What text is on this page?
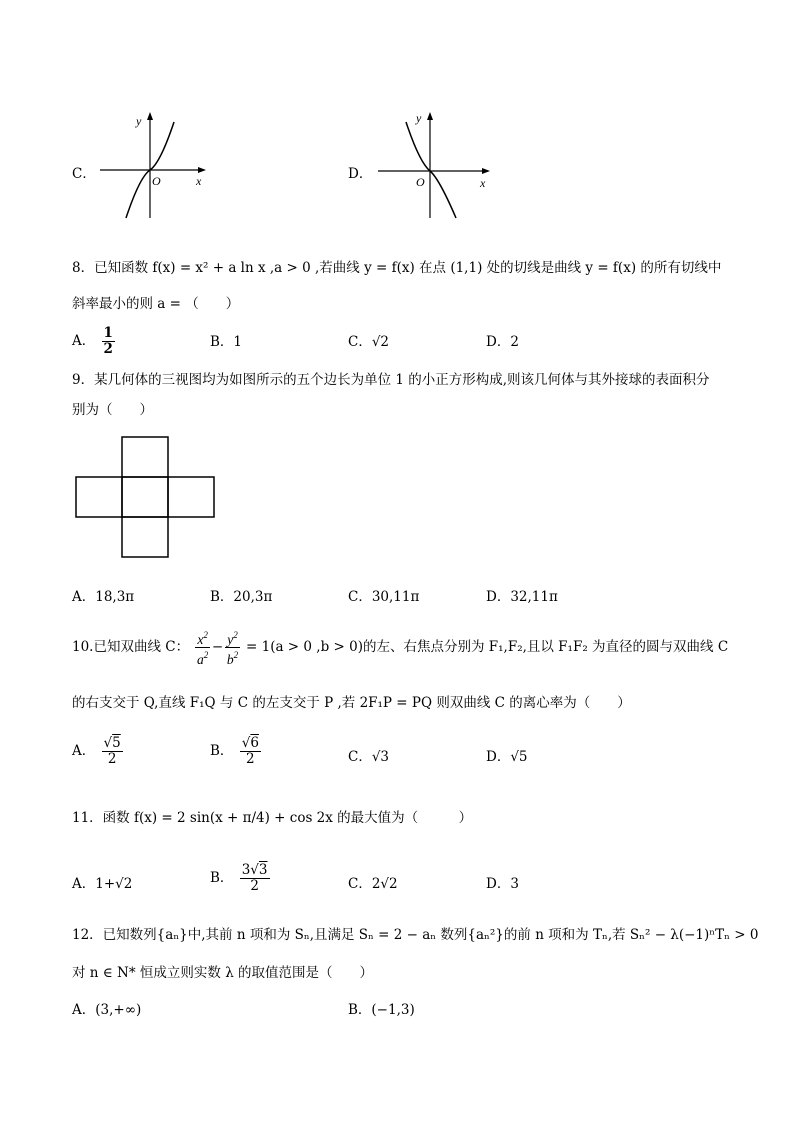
C．
y
x
O	D．
y
x
O
8．已知函数 f(x) = x² + a ln x ,a > 0 ,若曲线 y = f(x) 在点 (1,1) 处的切线是曲线 y = f(x) 的所有切线中
斜率最小的则 a = （　　）
A． $\frac{1}{2}$	B．1	C．√2	D．2
9．某几何体的三视图均为如图所示的五个边长为单位 1 的小正方形构成,则该几何体与其外接球的表面积分
别为（　　）
A．18,3π	B．20,3π	C．30,11π	D．32,11π
10.已知双曲线 C： $\frac{x^2}{a^2} - \frac{y^2}{b^2} = 1(a > 0$ ,b > 0)的左、右焦点分别为 F₁,F₂,且以 F₁F₂ 为直径的圆与双曲线 C
的右支交于 Q,直线 F₁Q 与 C 的左支交于 P ,若 2F₁P = PQ 则双曲线 C 的离心率为（　　）
A． $\frac{√5}{2}$	B． $\frac{√6}{2}$	C．√3	D．√5
11．函数 f(x) = 2 sin(x + π/4) + cos 2x 的最大值为（　　　）
A．1+√2	B． $\frac{3√3}{2}$	C．2√2	D．3
12．已知数列{aₙ}中,其前 n 项和为 Sₙ,且满足 Sₙ = 2 − aₙ 数列{aₙ²}的前 n 项和为 Tₙ,若 Sₙ² − λ(−1)ⁿTₙ > 0
对 n ∈ N* 恒成立则实数 λ 的取值范围是（　　）
A．(3,+∞)	B．(−1,3)
